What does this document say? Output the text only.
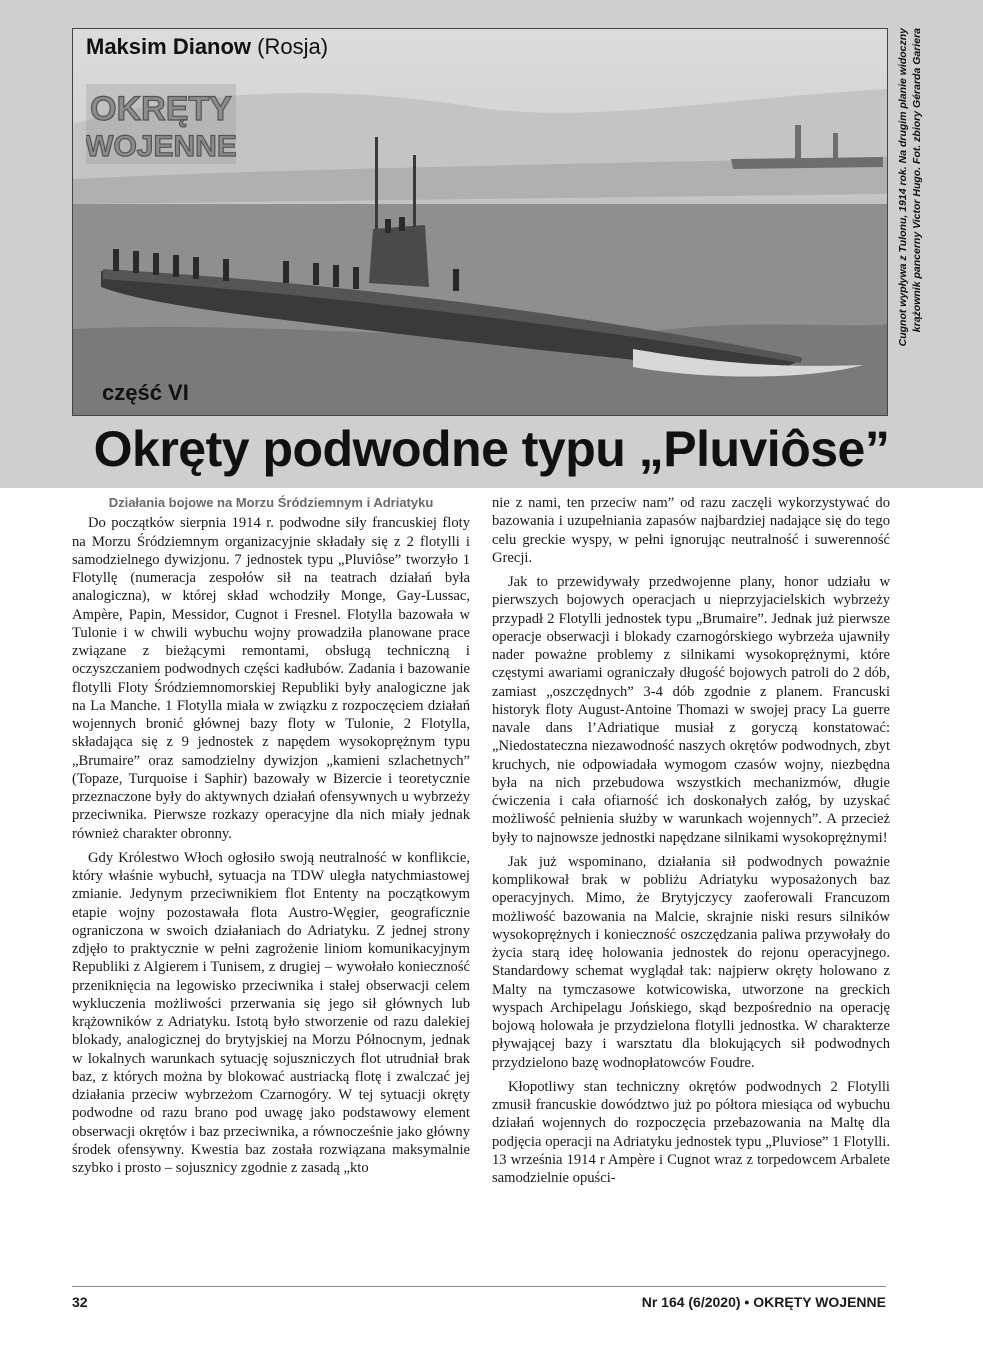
Maksim Dianow (Rosja)
OKRĘTY
WOJENNE
część VI
Cugnot wypływa z Tulonu, 1914 rok. Na drugim planie widoczny krążownik pancerny Victor Hugo. Fot. zbiory Gérarda Gariera
Okręty podwodne typu „Pluviôse”
Działania bojowe na Morzu Śródziemnym i Adriatyku

Do początków sierpnia 1914 r. podwodne siły francuskiej floty na Morzu Śródziemnym organizacyjnie składały się z 2 flotylli i samodzielnego dywizjonu. 7 jednostek typu „Pluviôse” tworzyło 1 Flotyllę (numeracja zespołów sił na teatrach działań była analogiczna), w której skład wchodziły Monge, Gay-Lussac, Ampère, Papin, Messidor, Cugnot i Fresnel. Flotylla bazowała w Tulonie i w chwili wybuchu wojny prowadziła planowane prace związane z bieżącymi remontami, obsługą techniczną i oczyszczaniem podwodnych części kadłubów. Zadania i bazowanie flotylli Floty Śródziemnomorskiej Republiki były analogiczne jak na La Manche. 1 Flotylla miała w związku z rozpoczęciem działań wojennych bronić głównej bazy floty w Tulonie, 2 Flotylla, składająca się z 9 jednostek z napędem wysokoprężnym typu „Brumaire” oraz samodzielny dywizjon „kamieni szlachetnych” (Topaze, Turquoise i Saphir) bazowały w Bizercie i teoretycznie przeznaczone były do aktywnych działań ofensywnych u wybrzeży przeciwnika. Pierwsze rozkazy operacyjne dla nich miały jednak również charakter obronny.

Gdy Królestwo Włoch ogłosiło swoją neutralność w konflikcie, który właśnie wybuchł, sytuacja na TDW uległa natychmiastowej zmianie. Jedynym przeciwnikiem flot Ententy na początkowym etapie wojny pozostawała flota Austro-Węgier, geograficznie ograniczona w swoich działaniach do Adriatyku. Z jednej strony zdjęło to praktycznie w pełni zagrożenie liniom komunikacyjnym Republiki z Algierem i Tunisem, z drugiej – wywołało konieczność przeniknięcia na legowisko przeciwnika i stałej obserwacji celem wykluczenia możliwości przerwania się jego sił głównych lub krążowników z Adriatyku. Istotą było stworzenie od razu dalekiej blokady, analogicznej do brytyjskiej na Morzu Północnym, jednak w lokalnych warunkach sytuację sojuszniczych flot utrudniał brak baz, z których można by blokować austriacką flotę i zwalczać jej działania przeciw wybrzeżom Czarnogóry. W tej sytuacji okręty podwodne od razu brano pod uwagę jako podstawowy element obserwacji okrętów i baz przeciwnika, a równocześnie jako główny środek ofensywny. Kwestia baz została rozwiązana maksymalnie szybko i prosto – sojusznicy zgodnie z zasadą „kto

nie z nami, ten przeciw nam” od razu zaczęli wykorzystywać do bazowania i uzupełniania zapasów najbardziej nadające się do tego celu greckie wyspy, w pełni ignorując neutralność i suwerenność Grecji.

Jak to przewidywały przedwojenne plany, honor udziału w pierwszych bojowych operacjach u nieprzyjacielskich wybrzeży przypadł 2 Flotylli jednostek typu „Brumaire”. Jednak już pierwsze operacje obserwacji i blokady czarnogórskiego wybrzeża ujawniły nader poważne problemy z silnikami wysokoprężnymi, które częstymi awariami ograniczały długość bojowych patroli do 2 dób, zamiast „oszczędnych” 3-4 dób zgodnie z planem. Francuski historyk floty August-Antoine Thomazi w swojej pracy La guerre navale dans l’Adriatique musiał z goryczą konstatować: „Niedostateczna niezawodność naszych okrętów podwodnych, zbyt kruchych, nie odpowiadała wymogom czasów wojny, niezbędna była na nich przebudowa wszystkich mechanizmów, długie ćwiczenia i cała ofiarność ich doskonałych załóg, by uzyskać możliwość pełnienia służby w warunkach wojennych”. A przecież były to najnowsze jednostki napędzane silnikami wysokoprężnymi!

Jak już wspominano, działania sił podwodnych poważnie komplikował brak w pobliżu Adriatyku wyposażonych baz operacyjnych. Mimo, że Brytyjczycy zaoferowali Francuzom możliwość bazowania na Malcie, skrajnie niski resurs silników wysokoprężnych i konieczność oszczędzania paliwa przywołały do życia starą ideę holowania jednostek do rejonu operacyjnego. Standardowy schemat wyglądał tak: najpierw okręty holowano z Malty na tymczasowe kotwicowiska, utworzone na greckich wyspach Archipelagu Jońskiego, skąd bezpośrednio na operację bojową holowała je przydzielona flotylli jednostka. W charakterze pływającej bazy i warsztatu dla blokujących sił podwodnych przydzielono bazę wodnopłatowców Foudre.

Kłopotliwy stan techniczny okrętów podwodnych 2 Flotylli zmusił francuskie dowództwo już po półtora miesiąca od wybuchu działań wojennych do rozpoczęcia przebazowania na Maltę dla podjęcia operacji na Adriatyku jednostek typu „Pluviose” 1 Flotylli. 13 września 1914 r Ampère i Cugnot wraz z torpedowcem Arbalete samodzielnie opuści-

32	Nr 164 (6/2020) • OKRĘTY WOJENNE
